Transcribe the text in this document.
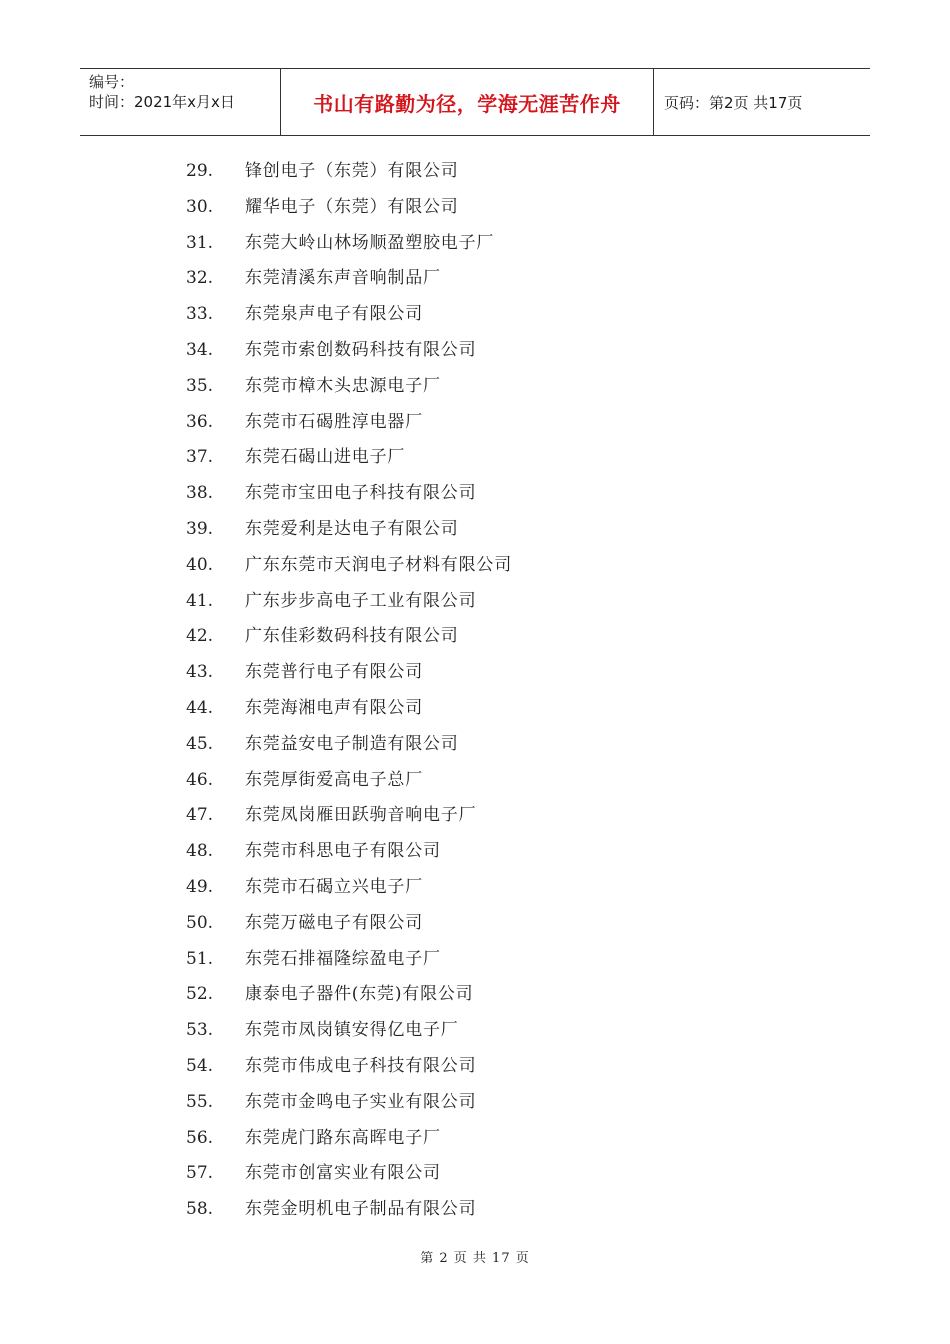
编号：
时间：2021年x月x日	书山有路勤为径，学海无涯苦作舟	页码：第2页 共17页
29.	锋创电子（东莞）有限公司
30.	耀华电子（东莞）有限公司
31.	东莞大岭山林场顺盈塑胶电子厂
32.	东莞清溪东声音响制品厂
33.	东莞泉声电子有限公司
34.	东莞市索创数码科技有限公司
35.	东莞市樟木头忠源电子厂
36.	东莞市石碣胜淳电器厂
37.	东莞石碣山进电子厂
38.	东莞市宝田电子科技有限公司
39.	东莞爱利是达电子有限公司
40.	广东东莞市天润电子材料有限公司
41.	广东步步高电子工业有限公司
42.	广东佳彩数码科技有限公司
43.	东莞普行电子有限公司
44.	东莞海湘电声有限公司
45.	东莞益安电子制造有限公司
46.	东莞厚街爱高电子总厂
47.	东莞凤岗雁田跃驹音响电子厂
48.	东莞市科思电子有限公司
49.	东莞市石碣立兴电子厂
50.	东莞万磁电子有限公司
51.	东莞石排福隆综盈电子厂
52.	康泰电子器件(东莞)有限公司
53.	东莞市凤岗镇安得亿电子厂
54.	东莞市伟成电子科技有限公司
55.	东莞市金鸣电子实业有限公司
56.	东莞虎门路东高晖电子厂
57.	东莞市创富实业有限公司
58.	东莞金明机电子制品有限公司
第 2 页 共 17 页
